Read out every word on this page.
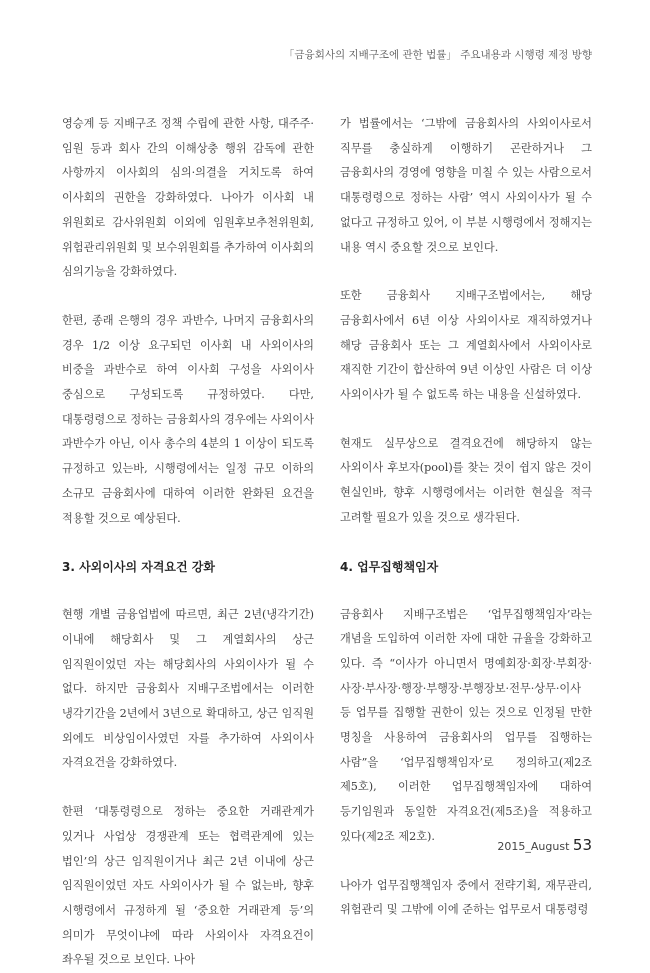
「금융회사의 지배구조에 관한 법률」 주요내용과 시행령 제정 방향

영승계 등 지배구조 정책 수립에 관한 사항, 대주주·임원 등과 회사 간의 이해상충 행위 감독에 관한 사항까지 이사회의 심의·의결을 거치도록 하여 이사회의 권한을 강화하였다. 나아가 이사회 내 위원회로 감사위원회 이외에 임원후보추천위원회, 위험관리위원회 및 보수위원회를 추가하여 이사회의 심의기능을 강화하였다.

한편, 종래 은행의 경우 과반수, 나머지 금융회사의 경우 1/2 이상 요구되던 이사회 내 사외이사의 비중을 과반수로 하여 이사회 구성을 사외이사 중심으로 구성되도록 규정하였다. 다만, 대통령령으로 정하는 금융회사의 경우에는 사외이사 과반수가 아닌, 이사 총수의 4분의 1 이상이 되도록 규정하고 있는바, 시행령에서는 일정 규모 이하의 소규모 금융회사에 대하여 이러한 완화된 요건을 적용할 것으로 예상된다.

3. 사외이사의 자격요건 강화

현행 개별 금융업법에 따르면, 최근 2년(냉각기간) 이내에 해당회사 및 그 계열회사의 상근 임직원이었던 자는 해당회사의 사외이사가 될 수 없다. 하지만 금융회사 지배구조법에서는 이러한 냉각기간을 2년에서 3년으로 확대하고, 상근 임직원 외에도 비상임이사였던 자를 추가하여 사외이사 자격요건을 강화하였다.

한편 ‘대통령령으로 정하는 중요한 거래관계가 있거나 사업상 경쟁관계 또는 협력관계에 있는 법인’의 상근 임직원이거나 최근 2년 이내에 상근 임직원이었던 자도 사외이사가 될 수 없는바, 향후 시행령에서 규정하게 될 ‘중요한 거래관계 등’의 의미가 무엇이냐에 따라 사외이사 자격요건이 좌우될 것으로 보인다. 나아

가 법률에서는 ‘그밖에 금융회사의 사외이사로서 직무를 충실하게 이행하기 곤란하거나 그 금융회사의 경영에 영향을 미칠 수 있는 사람으로서 대통령령으로 정하는 사람’ 역시 사외이사가 될 수 없다고 규정하고 있어, 이 부분 시행령에서 정해지는 내용 역시 중요할 것으로 보인다.

또한 금융회사 지배구조법에서는, 해당 금융회사에서 6년 이상 사외이사로 재직하였거나 해당 금융회사 또는 그 계열회사에서 사외이사로 재직한 기간이 합산하여 9년 이상인 사람은 더 이상 사외이사가 될 수 없도록 하는 내용을 신설하였다.

현재도 실무상으로 결격요건에 해당하지 않는 사외이사 후보자(pool)를 찾는 것이 쉽지 않은 것이 현실인바, 향후 시행령에서는 이러한 현실을 적극 고려할 필요가 있을 것으로 생각된다.

4. 업무집행책임자

금융회사 지배구조법은 ‘업무집행책임자’라는 개념을 도입하여 이러한 자에 대한 규율을 강화하고 있다. 즉 “이사가 아니면서 명예회장·회장·부회장·사장·부사장·행장·부행장·부행장보·전무·상무·이사 등 업무를 집행할 권한이 있는 것으로 인정될 만한 명칭을 사용하여 금융회사의 업무를 집행하는 사람”을 ‘업무집행책임자’로 정의하고(제2조 제5호), 이러한 업무집행책임자에 대하여 등기임원과 동일한 자격요건(제5조)을 적용하고 있다(제2조 제2호).

나아가 업무집행책임자 중에서 전략기획, 재무관리, 위험관리 및 그밖에 이에 준하는 업무로서 대통령령

2015_August 53
